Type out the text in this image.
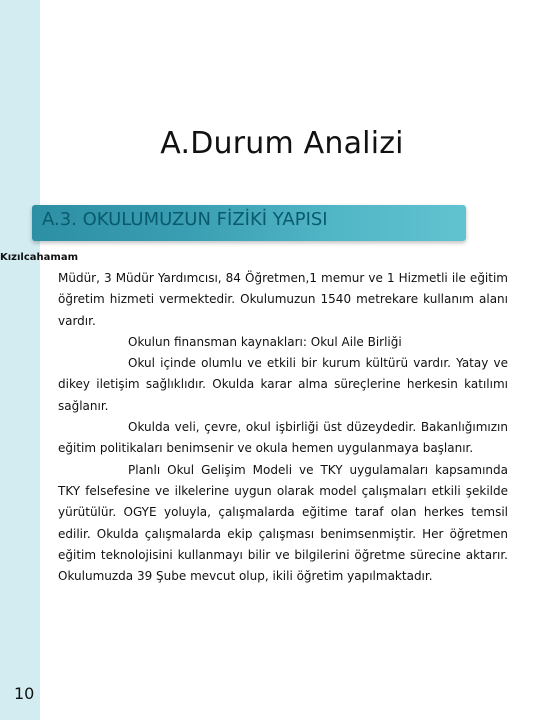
A.Durum Analizi
A.3. OKULUMUZUN FİZİKİ YAPISI
Kızılcahamam

Müdür, 3 Müdür Yardımcısı, 84 Öğretmen,1 memur ve 1 Hizmetli ile eğitim öğretim hizmeti vermektedir. Okulumuzun 1540 metrekare kullanım alanı vardır.

Okulun finansman kaynakları: Okul Aile Birliği

Okul içinde olumlu ve etkili bir kurum kültürü vardır. Yatay ve dikey iletişim sağlıklıdır. Okulda karar alma süreçlerine herkesin katılımı sağlanır.

Okulda veli, çevre, okul işbirliği üst düzeydedir. Bakanlığımızın eğitim politikaları benimsenir ve okula hemen uygulanmaya başlanır.

Planlı Okul Gelişim Modeli ve TKY uygulamaları kapsamında TKY felsefesine ve ilkelerine uygun olarak model çalışmaları etkili şekilde yürütülür. OGYE yoluyla, çalışmalarda eğitime taraf olan herkes temsil edilir. Okulda çalışmalarda ekip çalışması benimsenmiştir. Her öğretmen eğitim teknolojisini kullanmayı bilir ve bilgilerini öğretme sürecine aktarır. Okulumuzda 39 Şube mevcut olup, ikili öğretim yapılmaktadır.

10
